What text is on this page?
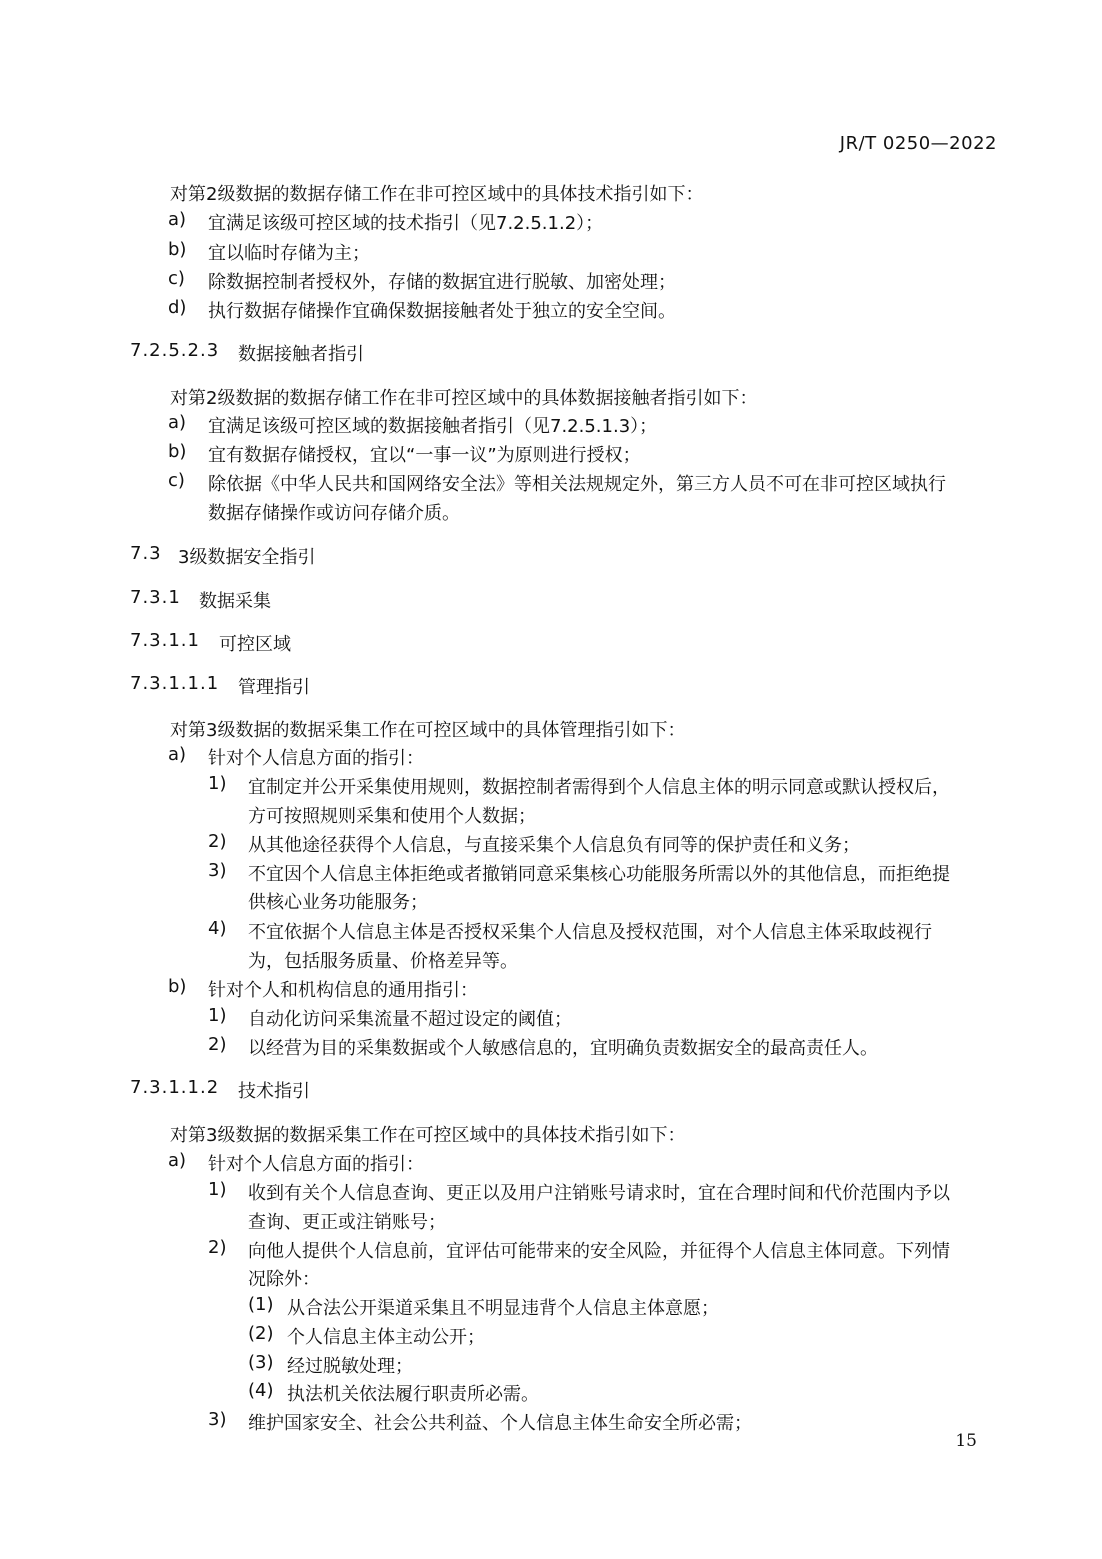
JR/T 0250—2022
对第2级数据的数据存储工作在非可控区域中的具体技术指引如下：
a) 宜满足该级可控区域的技术指引（见7.2.5.1.2）；
b) 宜以临时存储为主；
c) 除数据控制者授权外，存储的数据宜进行脱敏、加密处理；
d) 执行数据存储操作宜确保数据接触者处于独立的安全空间。
7.2.5.2.3 数据接触者指引
对第2级数据的数据存储工作在非可控区域中的具体数据接触者指引如下：
a) 宜满足该级可控区域的数据接触者指引（见7.2.5.1.3）；
b) 宜有数据存储授权，宜以“一事一议”为原则进行授权；
c) 除依据《中华人民共和国网络安全法》等相关法规规定外，第三方人员不可在非可控区域执行
数据存储操作或访问存储介质。
7.3 3级数据安全指引
7.3.1 数据采集
7.3.1.1 可控区域
7.3.1.1.1 管理指引
对第3级数据的数据采集工作在可控区域中的具体管理指引如下：
a) 针对个人信息方面的指引：
1) 宜制定并公开采集使用规则，数据控制者需得到个人信息主体的明示同意或默认授权后，
方可按照规则采集和使用个人数据；
2) 从其他途径获得个人信息，与直接采集个人信息负有同等的保护责任和义务；
3) 不宜因个人信息主体拒绝或者撤销同意采集核心功能服务所需以外的其他信息，而拒绝提
供核心业务功能服务；
4) 不宜依据个人信息主体是否授权采集个人信息及授权范围，对个人信息主体采取歧视行
为，包括服务质量、价格差异等。
b) 针对个人和机构信息的通用指引：
1) 自动化访问采集流量不超过设定的阈值；
2) 以经营为目的采集数据或个人敏感信息的，宜明确负责数据安全的最高责任人。
7.3.1.1.2 技术指引
对第3级数据的数据采集工作在可控区域中的具体技术指引如下：
a) 针对个人信息方面的指引：
1) 收到有关个人信息查询、更正以及用户注销账号请求时，宜在合理时间和代价范围内予以
查询、更正或注销账号；
2) 向他人提供个人信息前，宜评估可能带来的安全风险，并征得个人信息主体同意。下列情
况除外：
(1) 从合法公开渠道采集且不明显违背个人信息主体意愿；
(2) 个人信息主体主动公开；
(3) 经过脱敏处理；
(4) 执法机关依法履行职责所必需。
3) 维护国家安全、社会公共利益、个人信息主体生命安全所必需；
15
